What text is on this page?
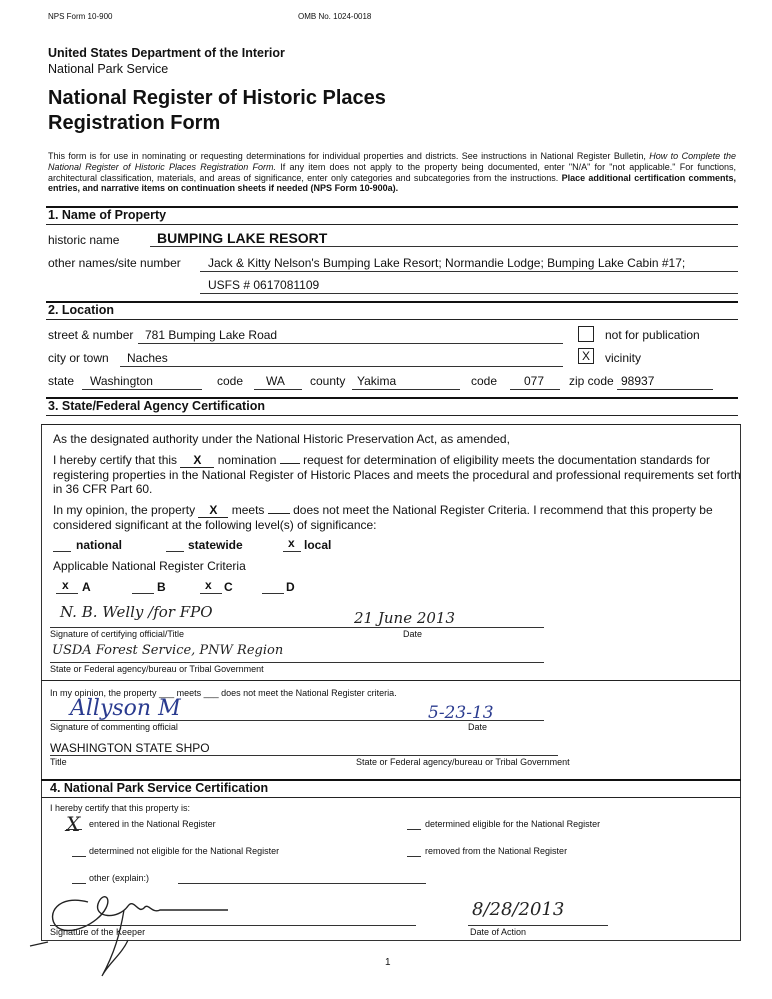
NPS Form 10-900	OMB No. 1024-0018
United States Department of the Interior
National Park Service
National Register of Historic Places
Registration Form
This form is for use in nominating or requesting determinations for individual properties and districts. See instructions in National Register Bulletin, How to Complete the National Register of Historic Places Registration Form. If any item does not apply to the property being documented, enter "N/A" for "not applicable." For functions, architectural classification, materials, and areas of significance, enter only categories and subcategories from the instructions. Place additional certification comments, entries, and narrative items on continuation sheets if needed (NPS Form 10-900a).
1. Name of Property
historic name	BUMPING LAKE RESORT
other names/site number Jack & Kitty Nelson's Bumping Lake Resort; Normandie Lodge; Bumping Lake Cabin #17;
USFS # 0617081109
2. Location
street & number 781 Bumping Lake Road	not for publication
city or town Naches	X vicinity
state Washington	code WA county Yakima	code 077 zip code 98937
3. State/Federal Agency Certification
As the designated authority under the National Historic Preservation Act, as amended,
I hereby certify that this X nomination  request for determination of eligibility meets the documentation standards for registering properties in the National Register of Historic Places and meets the procedural and professional requirements set forth in 36 CFR Part 60.
In my opinion, the property X meets  does not meet the National Register Criteria. I recommend that this property be considered significant at the following level(s) of significance:
national	statewide	x local
Applicable National Register Criteria
x A	B	x C	D
N. B. Welly /for FPO	21 June 2013
Signature of certifying official/Title	Date
USDA Forest Service, PNW Region
State or Federal agency/bureau or Tribal Government
In my opinion, the property ___ meets ___ does not meet the National Register criteria.
Allyson M	5-23-13
Signature of commenting official	Date
WASHINGTON STATE SHPO
Title	State or Federal agency/bureau or Tribal Government
4. National Park Service Certification
I hereby certify that this property is:
X entered in the National Register	determined eligible for the National Register
determined not eligible for the National Register	removed from the National Register
other (explain:)
Signature of the Keeper
8/28/2013
Date of Action
1
